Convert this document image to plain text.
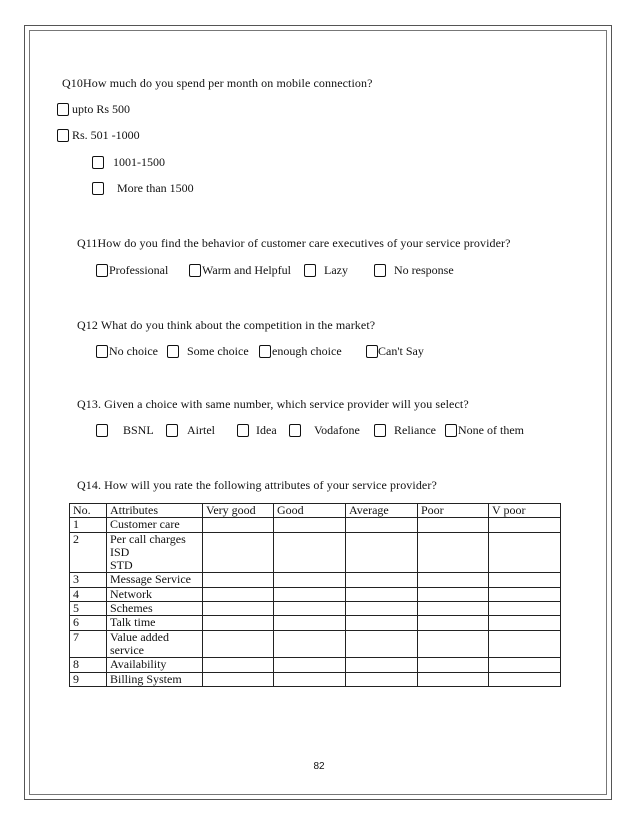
Q10How much do you spend per month on mobile connection?
upto Rs 500
Rs. 501 -1000
1001-1500
More than 1500
Q11How do you find the behavior of customer care executives of your service provider?
Professional	Warm and Helpful	Lazy	No response
Q12 What do you think about the competition in the market?
No choice Some choice enough choice	Can't Say
Q13. Given a choice with same number, which service provider will you select?
BSNL	Airtel	Idea	Vodafone	Reliance None of them
Q14. How will you rate the following attributes of your service provider?
No.	Attributes	Very good	Good	Average	Poor	V poor
1	Customer care					

2	Per call charges
ISD
STD					

3	Message Service					

4	Network					

5	Schemes					

6	Talk time					

7	Value added
service					

8	Availability					

9	Billing System					

82
